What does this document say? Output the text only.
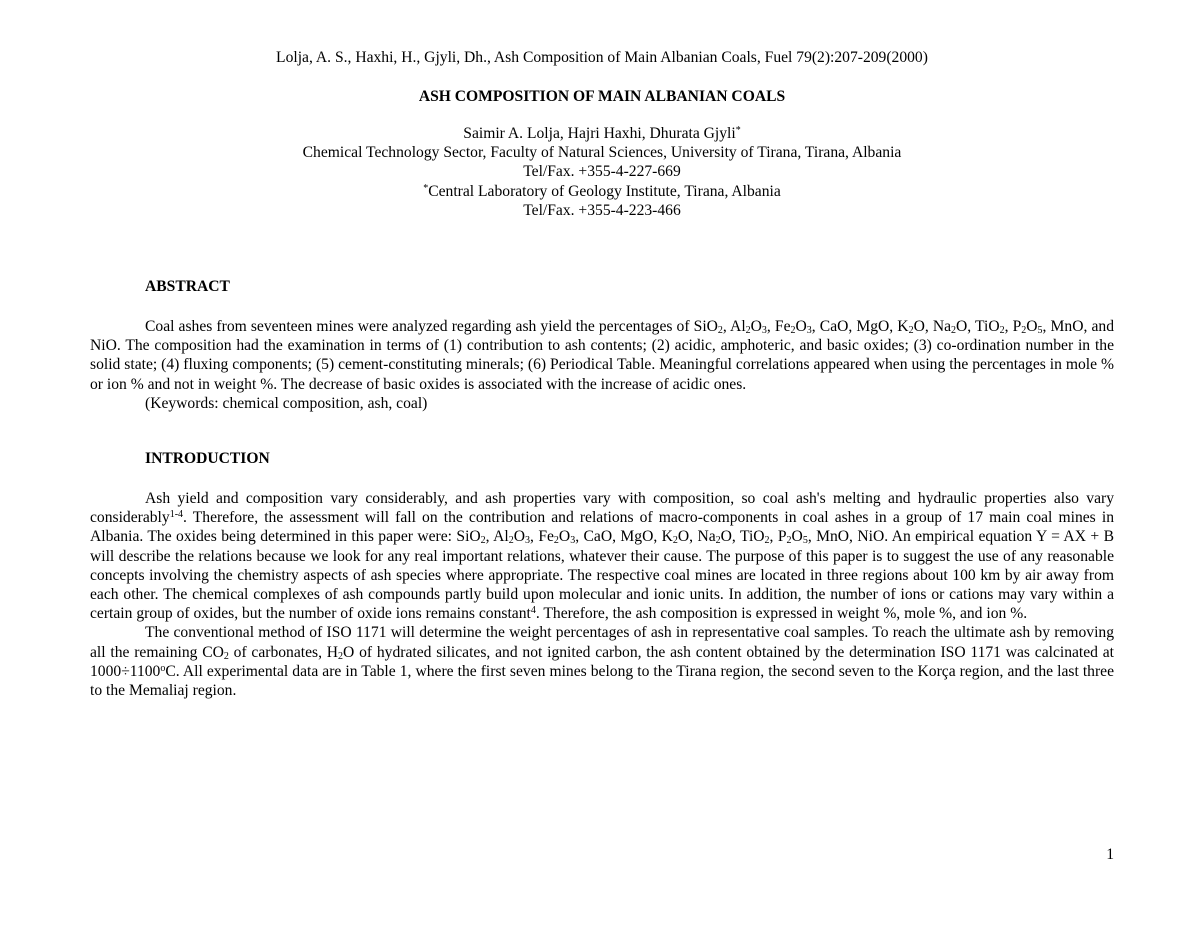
Lolja, A. S., Haxhi, H., Gjyli, Dh., Ash Composition of Main Albanian Coals, Fuel 79(2):207-209(2000)
ASH COMPOSITION OF MAIN ALBANIAN COALS
Saimir A. Lolja, Hajri Haxhi, Dhurata Gjyli*
Chemical Technology Sector, Faculty of Natural Sciences, University of Tirana, Tirana, Albania
Tel/Fax. +355-4-227-669
*Central Laboratory of Geology Institute, Tirana, Albania
Tel/Fax. +355-4-223-466
ABSTRACT

Coal ashes from seventeen mines were analyzed regarding ash yield the percentages of SiO$_2$, $Al_2O_3$, $Fe_2O_3$, CaO, MgO, $K_2O$, $Na_2O$, TiO$_2$, $P_2O_5$, MnO, and NiO. The composition had the examination in terms of (1) contribution to ash contents; (2) acidic, amphoteric, and basic oxides; (3) co-ordination number in the solid state; (4) fluxing components; (5) cement-constituting minerals; (6) Periodical Table. Meaningful correlations appeared when using the percentages in mole % or ion % and not in weight %. The decrease of basic oxides is associated with the increase of acidic ones.

(Keywords: chemical composition, ash, coal)

INTRODUCTION

Ash yield and composition vary considerably, and ash properties vary with composition, so coal ash's melting and hydraulic properties also vary considerably$^{1-4}$. Therefore, the assessment will fall on the contribution and relations of macro-components in coal ashes in a group of 17 main coal mines in Albania. The oxides being determined in this paper were: SiO$_2$, $Al_2O_3$, $Fe_2O_3$, CaO, MgO, $K_2O$, $Na_2O$, TiO$_2$, $P_2O_5$, MnO, NiO. An empirical equation Y = AX + B will describe the relations because we look for any real important relations, whatever their cause. The purpose of this paper is to suggest the use of any reasonable concepts involving the chemistry aspects of ash species where appropriate. The respective coal mines are located in three regions about 100 km by air away from each other. The chemical complexes of ash compounds partly build upon molecular and ionic units. In addition, the number of ions or cations may vary within a certain group of oxides, but the number of oxide ions remains constant$^4$. Therefore, the ash composition is expressed in weight %, mole %, and ion %.

The conventional method of ISO 1171 will determine the weight percentages of ash in representative coal samples. To reach the ultimate ash by removing all the remaining $CO_2$ of carbonates, $H_2O$ of hydrated silicates, and not ignited carbon, the ash content obtained by the determination ISO 1171 was calcinated at $1000\div 1100^oC$. All experimental data are in Table 1, where the first seven mines belong to the Tirana region, the second seven to the Korça region, and the last three to the Memaliaj region.

1
